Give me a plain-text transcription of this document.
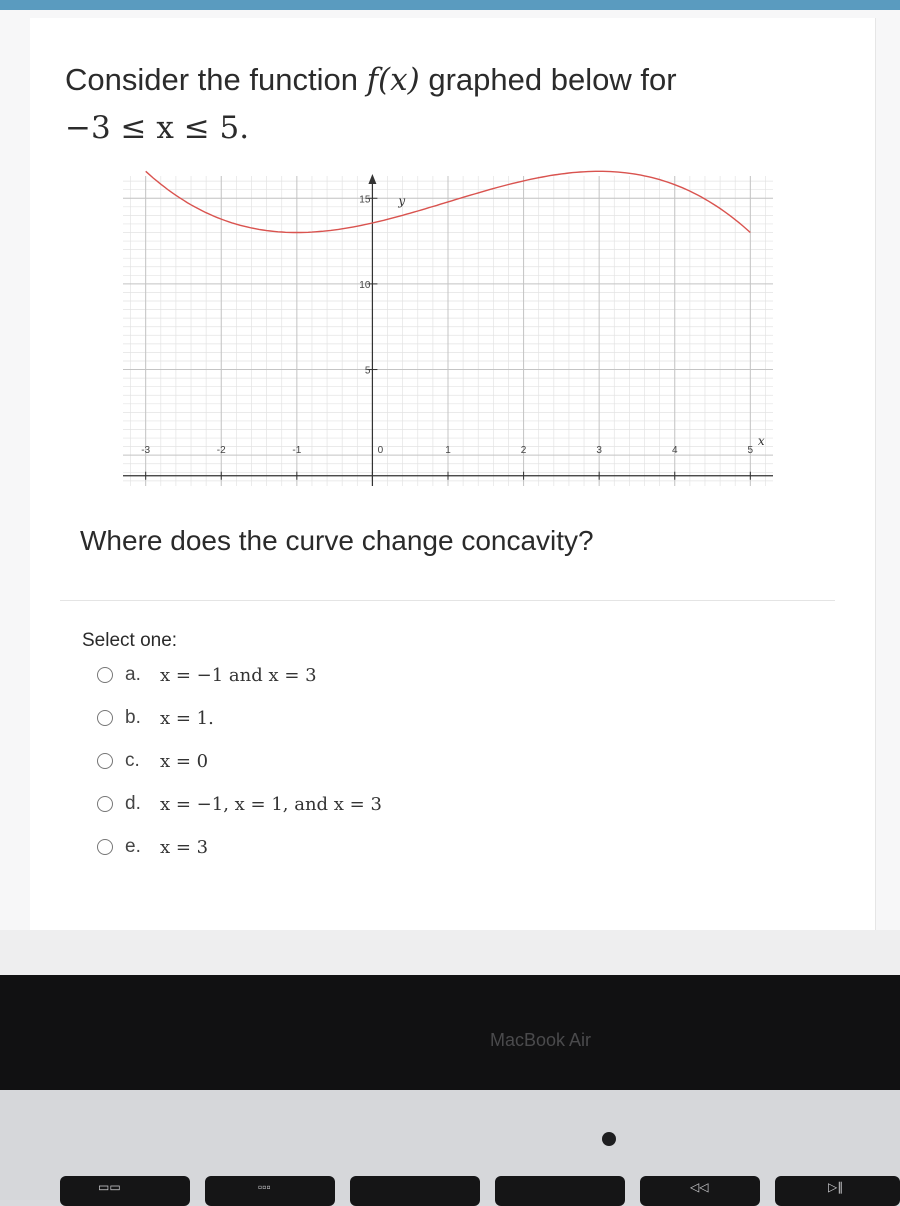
Consider the function f(x) graphed below for
−3 ≤ x ≤ 5.
-3	-2	-1	0	1	2	3	4	5
15
10
5
y
x
Where does the curve change concavity?
Select one:
a.	x = −1 and x = 3
b.	x = 1.
c.	x = 0
d.	x = −1, x = 1, and x = 3
e.	x = 3
MacBook Air
▭▭	▫▫▫	◁◁	▷∥
